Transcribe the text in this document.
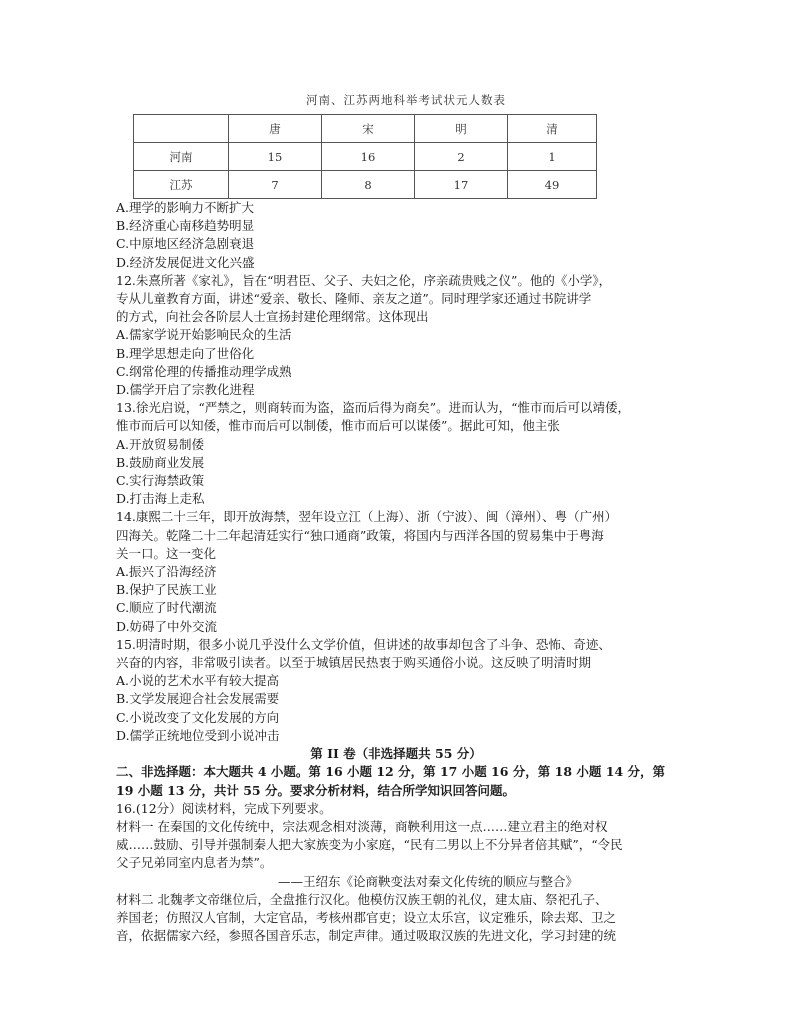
河南、江苏两地科举考试状元人数表
	唐	宋	明	清
河南	15	16	2	1
江苏	7	8	17	49
A.理学的影响力不断扩大
B.经济重心南移趋势明显
C.中原地区经济急剧衰退
D.经济发展促进文化兴盛
12.朱熹所著《家礼》，旨在“明君臣、父子、夫妇之伦，序亲疏贵贱之仪”。他的《小学》，
专从儿童教育方面，讲述“爱亲、敬长、隆师、亲友之道”。同时理学家还通过书院讲学
的方式，向社会各阶层人士宣扬封建伦理纲常。这体现出
A.儒家学说开始影响民众的生活
B.理学思想走向了世俗化
C.纲常伦理的传播推动理学成熟
D.儒学开启了宗教化进程
13.徐光启说，“严禁之，则商转而为盗，盗而后得为商矣”。进而认为，“惟市而后可以靖倭，
惟市而后可以知倭，惟市而后可以制倭，惟市而后可以谋倭”。据此可知，他主张
A.开放贸易制倭
B.鼓励商业发展
C.实行海禁政策
D.打击海上走私
14.康熙二十三年，即开放海禁，翌年设立江（上海）、浙（宁波）、闽（漳州）、粤（广州）
四海关。乾隆二十二年起清廷实行“独口通商”政策，将国内与西洋各国的贸易集中于粤海
关一口。这一变化
A.振兴了沿海经济
B.保护了民族工业
C.顺应了时代潮流
D.妨碍了中外交流
15.明清时期，很多小说几乎没什么文学价值，但讲述的故事却包含了斗争、恐怖、奇迹、
兴奋的内容，非常吸引读者。以至于城镇居民热衷于购买通俗小说。这反映了明清时期
A.小说的艺术水平有较大提高
B.文学发展迎合社会发展需要
C.小说改变了文化发展的方向
D.儒学正统地位受到小说冲击
第 II 卷（非选择题共 55 分）
二、非选择题：本大题共 4 小题。第 16 小题 12 分，第 17 小题 16 分，第 18 小题 14 分，第
19 小题 13 分，共计 55 分。要求分析材料，结合所学知识回答问题。
16.(12分）阅读材料，完成下列要求。
材料一 在秦国的文化传统中，宗法观念相对淡薄，商鞅利用这一点……建立君主的绝对权
威……鼓励、引导并强制秦人把大家族变为小家庭，“民有二男以上不分异者倍其赋”，“令民
父子兄弟同室内息者为禁”。
——王绍东《论商鞅变法对秦文化传统的顺应与整合》
材料二 北魏孝文帝继位后，全盘推行汉化。他模仿汉族王朝的礼仪，建太庙、祭祀孔子、
养国老；仿照汉人官制，大定官品，考核州郡官吏；设立太乐宫，议定雅乐，除去郑、卫之
音，依据儒家六经，参照各国音乐志，制定声律。通过吸取汉族的先进文化，学习封建的统
